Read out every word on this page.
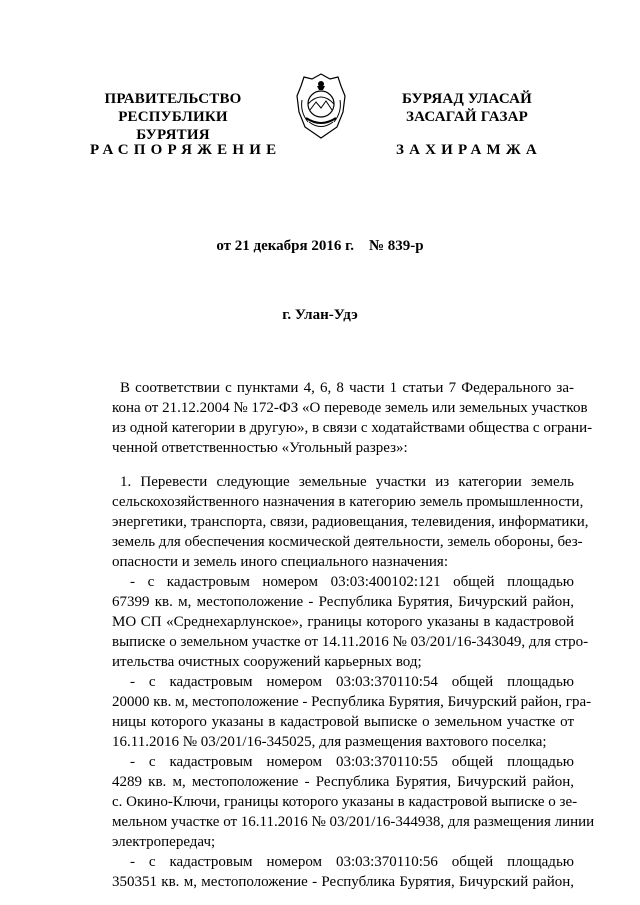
ПРАВИТЕЛЬСТВО
РЕСПУБЛИКИ БУРЯТИЯ
БУРЯАД УЛАСАЙ
ЗАСАГАЙ ГАЗАР
РАСПОРЯЖЕНИЕ	ЗАХИРАМЖА
от 21 декабря 2016 г.    № 839-р
г. Улан-Удэ
В соответствии с пунктами 4, 6, 8 части 1 статьи 7 Федерального за-
кона от 21.12.2004 № 172-ФЗ «О переводе земель или земельных участков
из одной категории в другую», в связи с ходатайствами общества с ограни-
ченной ответственностью «Угольный разрез»:
1. Перевести следующие земельные участки из категории земель
сельскохозяйственного назначения в категорию земель промышленности,
энергетики, транспорта, связи, радиовещания, телевидения, информатики,
земель для обеспечения космической деятельности, земель обороны, без-
опасности и земель иного специального назначения:
- с кадастровым номером 03:03:400102:121 общей площадью
67399 кв. м, местоположение - Республика Бурятия, Бичурский район,
МО СП «Среднехарлунское», границы которого указаны в кадастровой
выписке о земельном участке от 14.11.2016 № 03/201/16-343049, для стро-
ительства очистных сооружений карьерных вод;
- с кадастровым номером 03:03:370110:54 общей площадью
20000 кв. м, местоположение - Республика Бурятия, Бичурский район, гра-
ницы которого указаны в кадастровой выписке о земельном участке от
16.11.2016 № 03/201/16-345025, для размещения вахтового поселка;
- с кадастровым номером 03:03:370110:55 общей площадью
4289 кв. м, местоположение - Республика Бурятия, Бичурский район,
с. Окино-Ключи, границы которого указаны в кадастровой выписке о зе-
мельном участке от 16.11.2016 № 03/201/16-344938, для размещения линии
электропередач;
- с кадастровым номером 03:03:370110:56 общей площадью
350351 кв. м, местоположение - Республика Бурятия, Бичурский район,
